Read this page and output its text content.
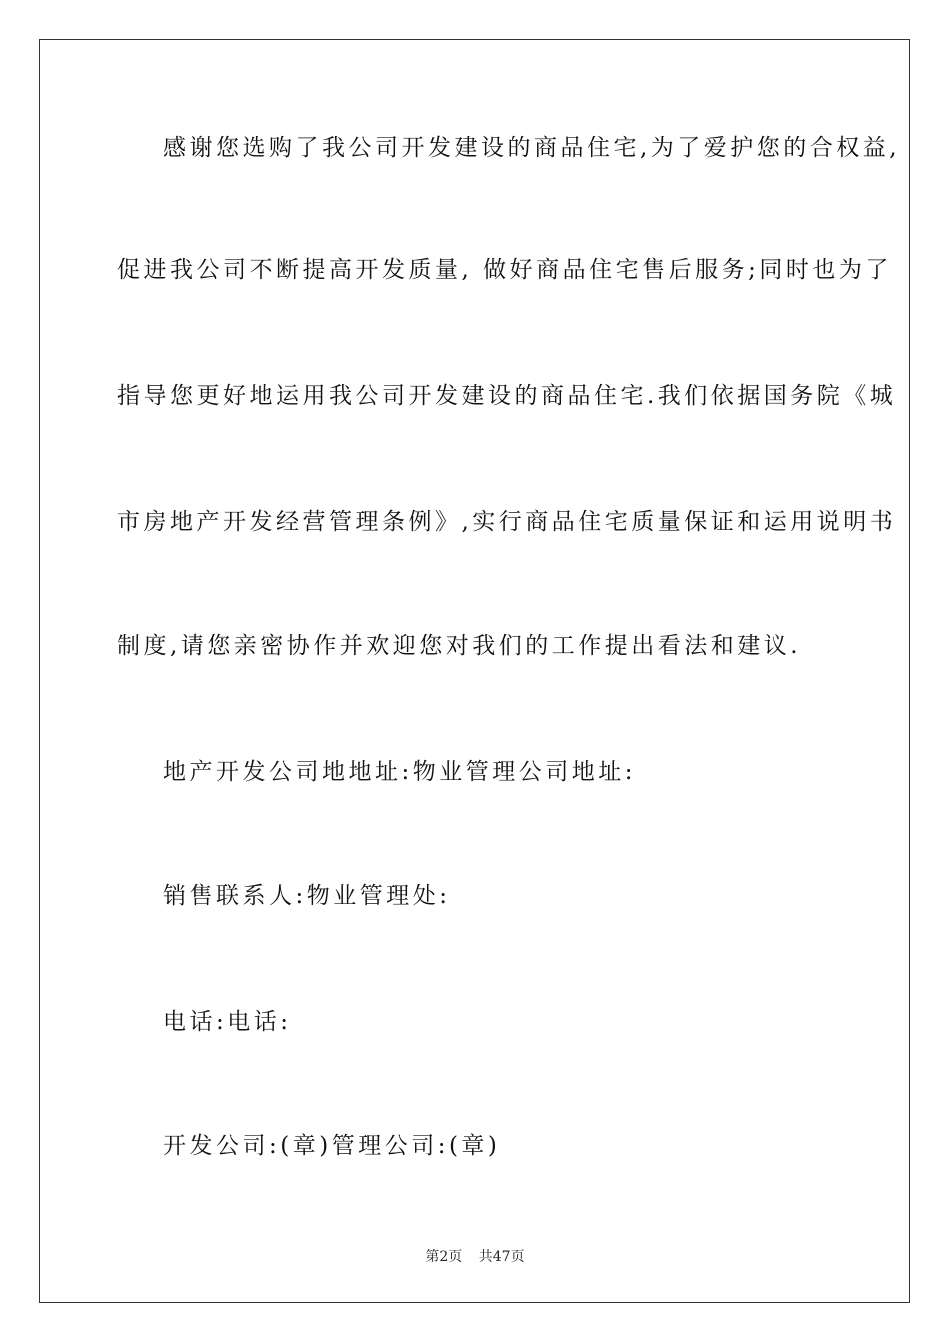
感谢您选购了我公司开发建设的商品住宅,为了爱护您的合权益,
促进我公司不断提高开发质量, 做好商品住宅售后服务;同时也为了
指导您更好地运用我公司开发建设的商品住宅.我们依据国务院《城
市房地产开发经营管理条例》,实行商品住宅质量保证和运用说明书
制度,请您亲密协作并欢迎您对我们的工作提出看法和建议.
地产开发公司地地址:物业管理公司地址:
销售联系人:物业管理处:
电话:电话:
开发公司:(章)管理公司:(章)
第2页 共47页
